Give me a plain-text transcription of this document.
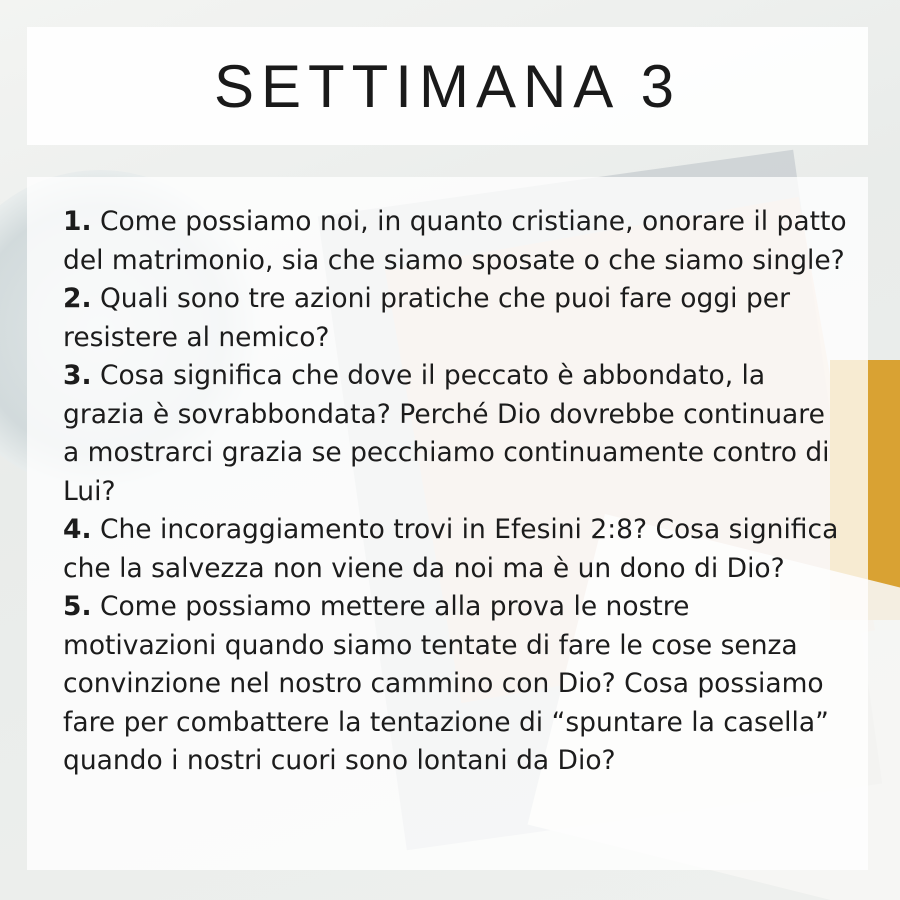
SETTIMANA 3
1. Come possiamo noi, in quanto cristiane, onorare il patto del matrimonio, sia che siamo sposate o che siamo single?
2. Quali sono tre azioni pratiche che puoi fare oggi per resistere al nemico?
3. Cosa significa che dove il peccato è abbondato, la grazia è sovrabbondata? Perché Dio dovrebbe continuare a mostrarci grazia se pecchiamo continuamente contro di Lui?
4. Che incoraggiamento trovi in Efesini 2:8? Cosa significa che la salvezza non viene da noi ma è un dono di Dio?
5. Come possiamo mettere alla prova le nostre motivazioni quando siamo tentate di fare le cose senza convinzione nel nostro cammino con Dio? Cosa possiamo fare per combattere la tentazione di “spuntare la casella” quando i nostri cuori sono lontani da Dio?
